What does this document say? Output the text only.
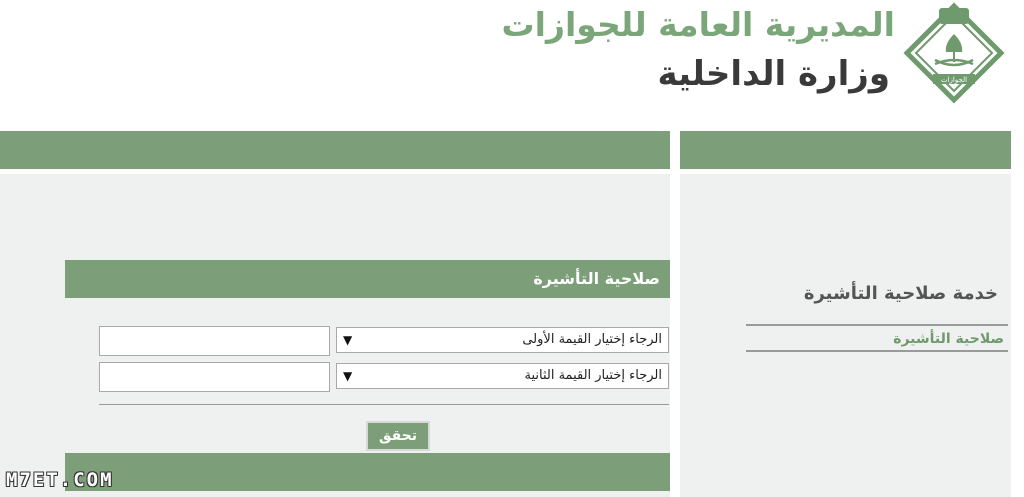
الجوازات
المديرية العامة للجوازات
وزارة الداخلية
خدمة صلاحية التأشيرة
صلاحية التأشيرة
صلاحية التأشيرة
الرجاء إختيار القيمة الأولى
▼
الرجاء إختيار القيمة الثانية
▼
تحقق
M7ET.COM
